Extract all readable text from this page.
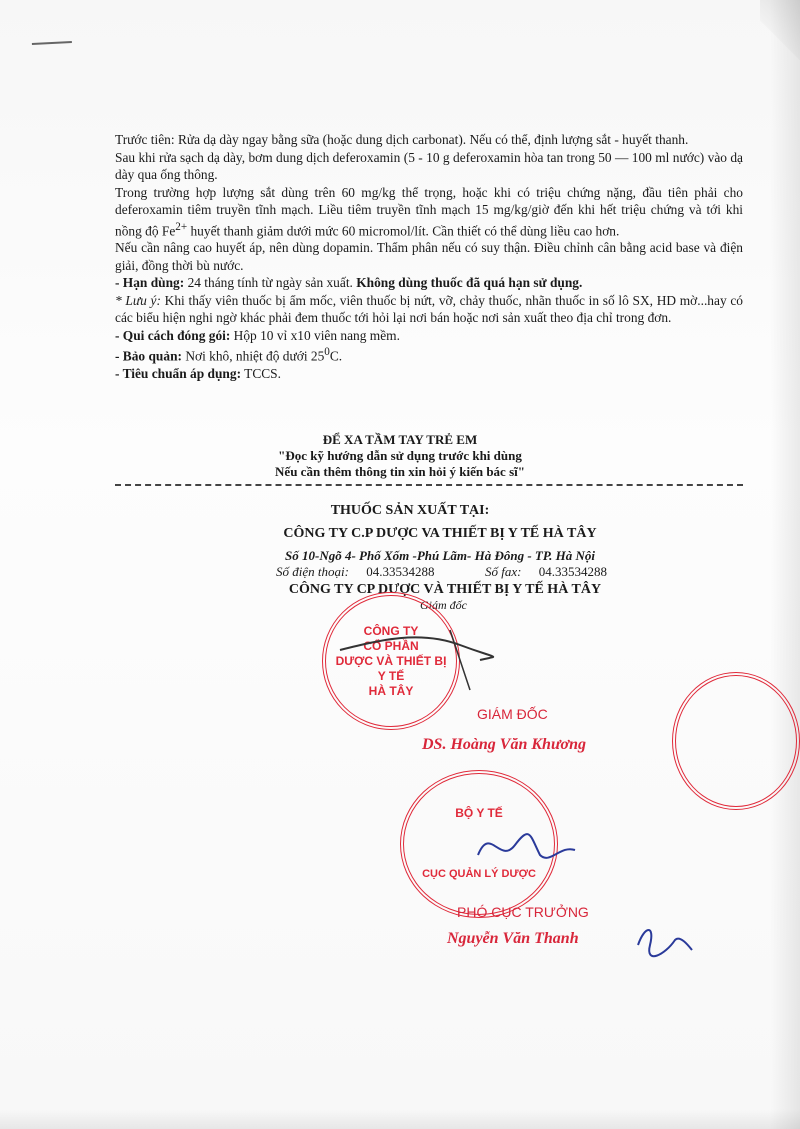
Trước tiên: Rửa dạ dày ngay bằng sữa (hoặc dung dịch carbonat). Nếu có thể, định lượng sắt - huyết thanh.

Sau khi rửa sạch dạ dày, bơm dung dịch deferoxamin (5 - 10 g deferoxamin hòa tan trong 50 — 100 ml nước) vào dạ dày qua ống thông.

Trong trường hợp lượng sắt dùng trên 60 mg/kg thể trọng, hoặc khi có triệu chứng nặng, đầu tiên phải cho deferoxamin tiêm truyền tĩnh mạch. Liều tiêm truyền tĩnh mạch 15 mg/kg/giờ đến khi hết triệu chứng và tới khi nồng độ $Fe^{2+}$ huyết thanh giảm dưới mức 60 micromol/lít. Cần thiết có thể dùng liều cao hơn.

Nếu cần nâng cao huyết áp, nên dùng dopamin. Thẩm phân nếu có suy thận. Điều chỉnh cân bằng acid base và điện giải, đồng thời bù nước.

- Hạn dùng: 24 tháng tính từ ngày sản xuất. Không dùng thuốc đã quá hạn sử dụng.

* Lưu ý: Khi thấy viên thuốc bị ẩm mốc, viên thuốc bị nứt, vỡ, chảy thuốc, nhãn thuốc in số lô SX, HD mờ...hay có các biểu hiện nghi ngờ khác phải đem thuốc tới hỏi lại nơi bán hoặc nơi sản xuất theo địa chỉ trong đơn.

- Qui cách đóng gói: Hộp 10 vỉ x10 viên nang mềm.

- Bảo quản: Nơi khô, nhiệt độ dưới $25^0C$.

- Tiêu chuẩn áp dụng: TCCS.

ĐỂ XA TẦM TAY TRẺ EM
"Đọc kỹ hướng dẫn sử dụng trước khi dùng
Nếu cần thêm thông tin xin hỏi ý kiến bác sĩ"
THUỐC SẢN XUẤT TẠI:
CÔNG TY C.P DƯỢC VA THIẾT BỊ Y TẾ HÀ TÂY
Số 10-Ngõ 4- Phố Xốm -Phú Lãm- Hà Đông - TP. Hà Nội
Số điện thoại: 04.33534288	Số fax: 04.33534288
CÔNG TY CP DƯỢC VÀ THIẾT BỊ Y TẾ HÀ TÂY
Giám đốc
CÔNG TY
CỔ PHẦN
DƯỢC VÀ THIẾT BỊ
Y TẾ
HÀ TÂY
GIÁM ĐỐC
DS. Hoàng Văn Khương
BỘ Y TẾ
CỤC QUẢN LÝ DƯỢC
PHÓ CỤC TRƯỞNG
Nguyễn Văn Thanh
